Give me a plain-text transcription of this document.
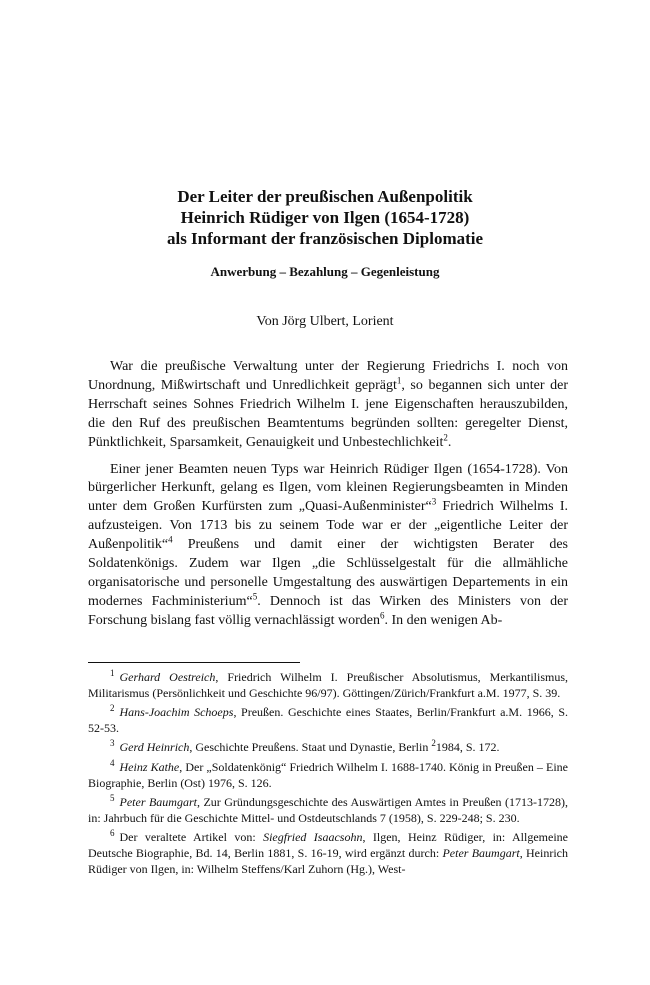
Der Leiter der preußischen Außenpolitik
Heinrich Rüdiger von Ilgen (1654-1728)
als Informant der französischen Diplomatie
Anwerbung – Bezahlung – Gegenleistung
Von Jörg Ulbert, Lorient

War die preußische Verwaltung unter der Regierung Friedrichs I. noch von Unordnung, Mißwirtschaft und Unredlichkeit geprägt$^1$, so begannen sich unter der Herrschaft seines Sohnes Friedrich Wilhelm I. jene Eigenschaften herauszubilden, die den Ruf des preußischen Beamtentums begründen sollten: geregelter Dienst, Pünktlichkeit, Sparsamkeit, Genauigkeit und Unbestechlichkeit$^2$.

Einer jener Beamten neuen Typs war Heinrich Rüdiger Ilgen (1654-1728). Von bürgerlicher Herkunft, gelang es Ilgen, vom kleinen Regierungsbeamten in Minden unter dem Großen Kurfürsten zum „Quasi-Außenminister“$^3$ Friedrich Wilhelms I. aufzusteigen. Von 1713 bis zu seinem Tode war er der „eigentliche Leiter der Außenpolitik“$^4$ Preußens und damit einer der wichtigsten Berater des Soldatenkönigs. Zudem war Ilgen „die Schlüsselgestalt für die allmähliche organisatorische und personelle Umgestaltung des auswärtigen Departements in ein modernes Fachministerium“$^5$. Dennoch ist das Wirken des Ministers von der Forschung bislang fast völlig vernachlässigt worden$^6$. In den wenigen Ab-

$^1$ Gerhard Oestreich, Friedrich Wilhelm I. Preußischer Absolutismus, Merkantilismus, Militarismus (Persönlichkeit und Geschichte 96/97). Göttingen/Zürich/Frankfurt a.M. 1977, S. 39.
$^2$ Hans-Joachim Schoeps, Preußen. Geschichte eines Staates, Berlin/Frankfurt a.M. 1966, S. 52-53.
$^3$ Gerd Heinrich, Geschichte Preußens. Staat und Dynastie, Berlin $^2$1984, S. 172.
$^4$ Heinz Kathe, Der „Soldatenkönig“ Friedrich Wilhelm I. 1688-1740. König in Preußen – Eine Biographie, Berlin (Ost) 1976, S. 126.
$^5$ Peter Baumgart, Zur Gründungsgeschichte des Auswärtigen Amtes in Preußen (1713-1728), in: Jahrbuch für die Geschichte Mittel- und Ostdeutschlands 7 (1958), S. 229-248; S. 230.
$^6$ Der veraltete Artikel von: Siegfried Isaacsohn, Ilgen, Heinz Rüdiger, in: Allgemeine Deutsche Biographie, Bd. 14, Berlin 1881, S. 16-19, wird ergänzt durch: Peter Baumgart, Heinrich Rüdiger von Ilgen, in: Wilhelm Steffens/Karl Zuhorn (Hg.), West-
